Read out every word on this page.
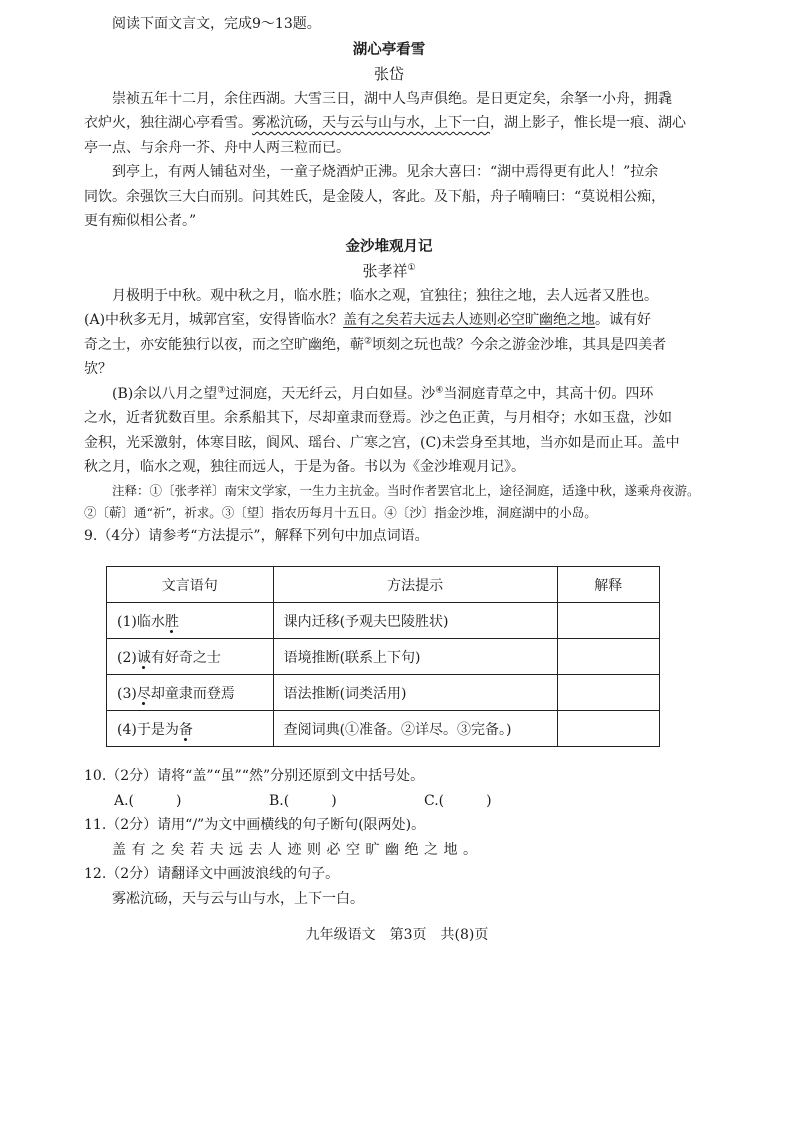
阅读下面文言文，完成9～13题。
湖心亭看雪
张岱
崇祯五年十二月，余住西湖。大雪三日，湖中人鸟声俱绝。是日更定矣，余拏一小舟，拥毳
衣炉火，独往湖心亭看雪。雾凇沆砀，天与云与山与水，上下一白，湖上影子，惟长堤一痕、湖心
亭一点、与余舟一芥、舟中人两三粒而已。
到亭上，有两人铺毡对坐，一童子烧酒炉正沸。见余大喜曰：“湖中焉得更有此人！”拉余
同饮。余强饮三大白而别。问其姓氏，是金陵人，客此。及下船，舟子喃喃曰：“莫说相公痴，
更有痴似相公者。”
金沙堆观月记
张孝祥①
月极明于中秋。观中秋之月，临水胜；临水之观，宜独往；独往之地，去人远者又胜也。
(A)中秋多无月，城郭宫室，安得皆临水？盖有之矣若夫远去人迹则必空旷幽绝之地。诚有好
奇之士，亦安能独行以夜，而之空旷幽绝，蕲②顷刻之玩也哉？今余之游金沙堆，其具是四美者
欤？
(B)余以八月之望③过洞庭，天无纤云，月白如昼。沙④当洞庭青草之中，其高十仞。四环
之水，近者犹数百里。余系船其下，尽却童隶而登焉。沙之色正黄，与月相夺；水如玉盘，沙如
金积，光采激射，体寒目眩，阆风、瑶台、广寒之宫，(C)未尝身至其地，当亦如是而止耳。盖中
秋之月，临水之观，独往而远人，于是为备。书以为《金沙堆观月记》。
注释：①〔张孝祥〕南宋文学家，一生力主抗金。当时作者罢官北上，途径洞庭，适逢中秋，遂乘舟夜游。
②〔蕲〕通“祈”，祈求。③〔望〕指农历每月十五日。④〔沙〕指金沙堆，洞庭湖中的小岛。
9.（4分）请参考“方法提示”，解释下列句中加点词语。
文言语句	方法提示	解释
(1)临水胜	课内迁移(予观夫巴陵胜状)	
(2)诚有好奇之士	语境推断(联系上下句)	
(3)尽却童隶而登焉	语法推断(词类活用)	
(4)于是为备	查阅词典(①准备。②详尽。③完备。)	
10.（2分）请将“盖”“虽”“然”分别还原到文中括号处。
A.(　　　)	B.(　　　)	C.(　　　)
11.（2分）请用“/”为文中画横线的句子断句(限两处)。
盖有之矣若夫远去人迹则必空旷幽绝之地。
12.（2分）请翻译文中画波浪线的句子。
雾凇沆砀，天与云与山与水，上下一白。
九年级语文　第3页　共(8)页
